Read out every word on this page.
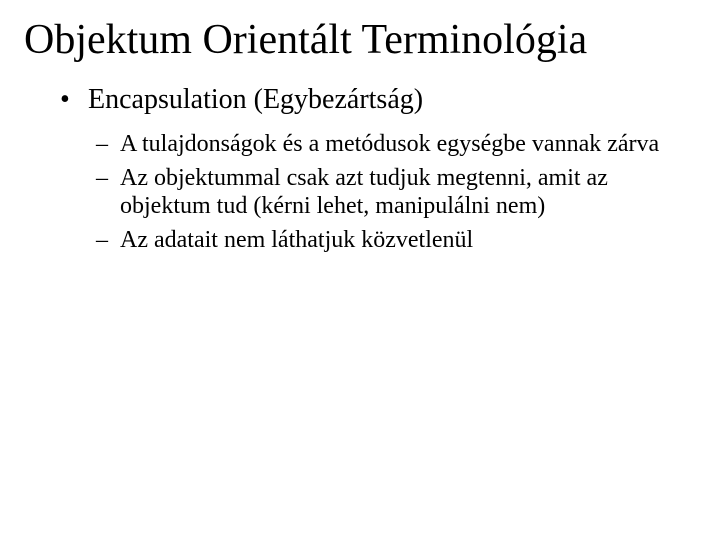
Objektum Orientált Terminológia
• Encapsulation (Egybezártság)
– A tulajdonságok és a metódusok egységbe vannak zárva
– Az objektummal csak azt tudjuk megtenni, amit az objektum tud (kérni lehet, manipulálni nem)
– Az adatait nem láthatjuk közvetlenül
